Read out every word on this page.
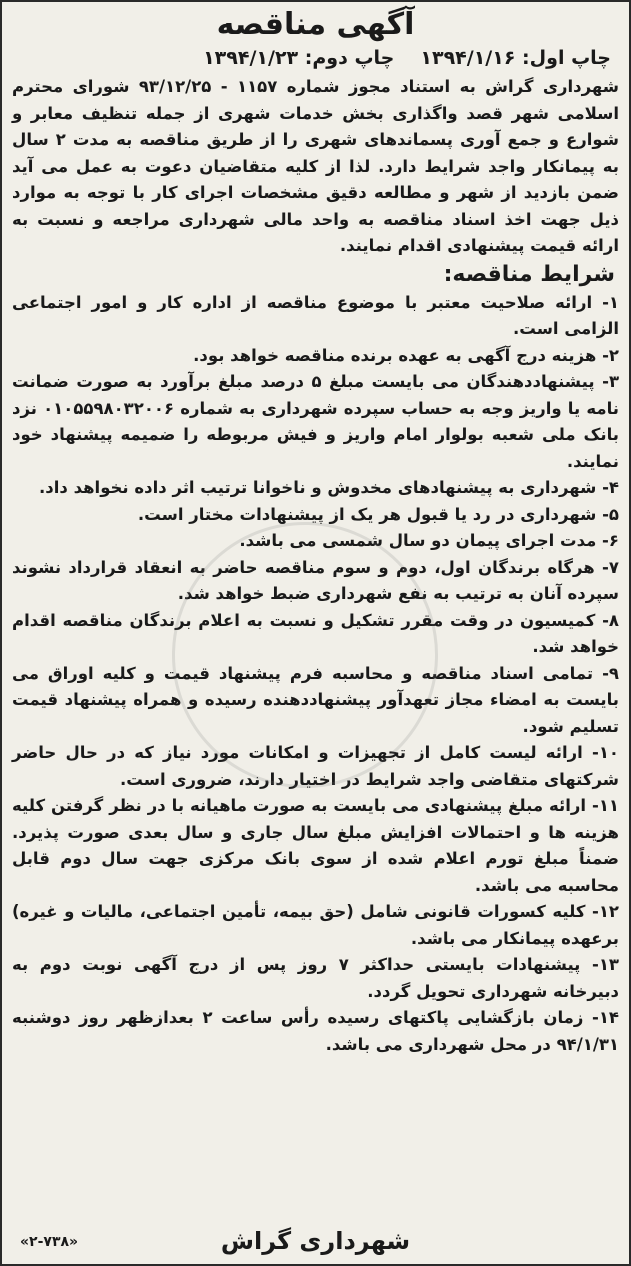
آگهی مناقصه
چاپ اول: ۱۳۹۴/۱/۱۶
چاپ دوم: ۱۳۹۴/۱/۲۳

شهرداری گراش به استناد مجوز شماره ۱۱۵۷ - ۹۳/۱۲/۲۵ شورای محترم اسلامی شهر قصد واگذاری بخش خدمات شهری از جمله تنظیف معابر و شوارع و جمع آوری پسماندهای شهری را از طریق مناقصه به مدت ۲ سال به پیمانکار واجد شرایط دارد. لذا از کلیه متقاضیان دعوت به عمل می آید ضمن بازدید از شهر و مطالعه دقیق مشخصات اجرای کار با توجه به موارد ذیل جهت اخذ اسناد مناقصه به واحد مالی شهرداری مراجعه و نسبت به ارائه قیمت پیشنهادی اقدام نمایند.

شرایط مناقصه:
۱- ارائه صلاحیت معتبر با موضوع مناقصه از اداره کار و امور اجتماعی الزامی است.
۲- هزینه درج آگهی به عهده برنده مناقصه خواهد بود.
۳- پیشنهاددهندگان می بایست مبلغ ۵ درصد مبلغ برآورد به صورت ضمانت نامه یا واریز وجه به حساب سپرده شهرداری به شماره ۰۱۰۵۵۹۸۰۳۲۰۰۶ نزد بانک ملی شعبه بولوار امام واریز و فیش مربوطه را ضمیمه پیشنهاد خود نمایند.
۴- شهرداری به پیشنهادهای مخدوش و ناخوانا ترتیب اثر داده نخواهد داد.
۵- شهرداری در رد یا قبول هر یک از پیشنهادات مختار است.
۶- مدت اجرای پیمان دو سال شمسی می باشد.
۷- هرگاه برندگان اول، دوم و سوم مناقصه حاضر به انعقاد قرارداد نشوند سپرده آنان به ترتیب به نفع شهرداری ضبط خواهد شد.
۸- کمیسیون در وقت مقرر تشکیل و نسبت به اعلام برندگان مناقصه اقدام خواهد شد.
۹- تمامی اسناد مناقصه و محاسبه فرم پیشنهاد قیمت و کلیه اوراق می بایست به امضاء مجاز تعهدآور پیشنهاددهنده رسیده و همراه پیشنهاد قیمت تسلیم شود.
۱۰- ارائه لیست کامل از تجهیزات و امکانات مورد نیاز که در حال حاضر شرکتهای متقاضی واجد شرایط در اختیار دارند، ضروری است.
۱۱- ارائه مبلغ پیشنهادی می بایست به صورت ماهیانه با در نظر گرفتن کلیه هزینه ها و احتمالات افزایش مبلغ سال جاری و سال بعدی صورت پذیرد. ضمناً مبلغ تورم اعلام شده از سوی بانک مرکزی جهت سال دوم قابل محاسبه می باشد.
۱۲- کلیه کسورات قانونی شامل (حق بیمه، تأمین اجتماعی، مالیات و غیره) برعهده پیمانکار می باشد.
۱۳- پیشنهادات بایستی حداکثر ۷ روز پس از درج آگهی نوبت دوم به دبیرخانه شهرداری تحویل گردد.
۱۴- زمان بازگشایی پاکتهای رسیده رأس ساعت ۲ بعدازظهر روز دوشنبه ۹۴/۱/۳۱ در محل شهرداری می باشد.
شهرداری گراش
«۲-۷۳۸»
